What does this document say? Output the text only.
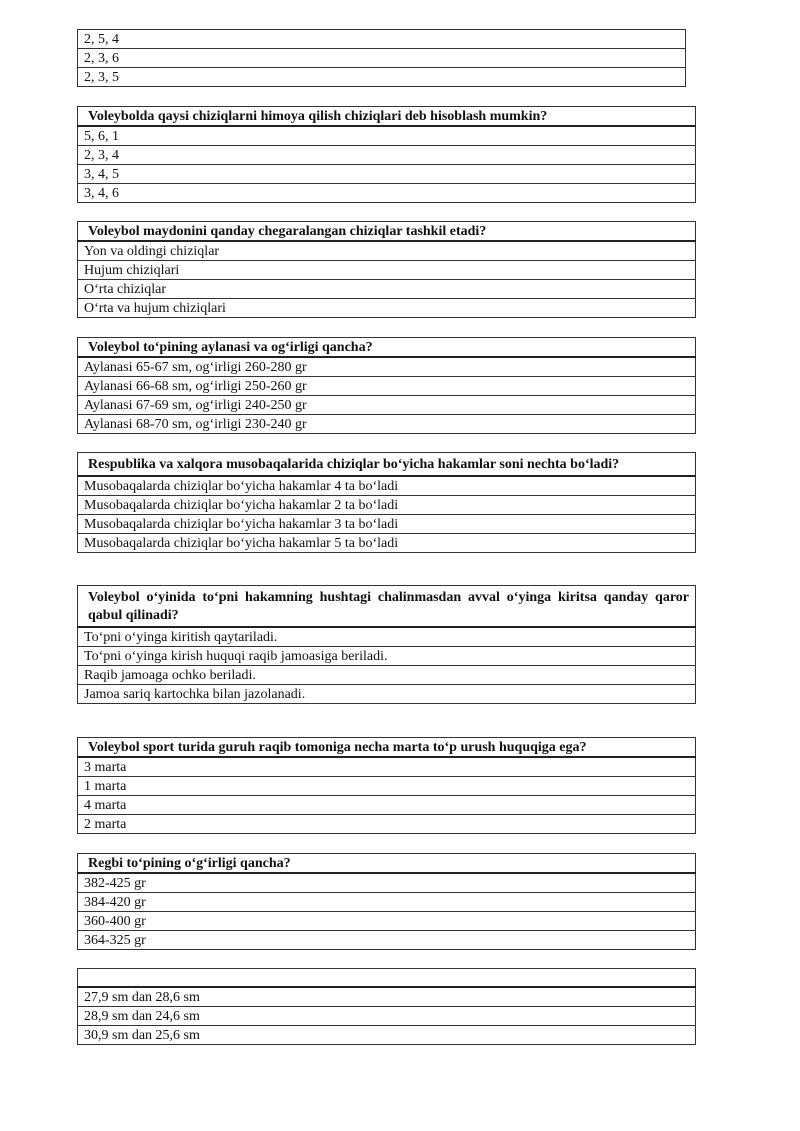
2, 5, 4
2, 3, 6
2, 3, 5
Voleybolda qaysi chiziqlarni himoya qilish chiziqlari deb hisoblash mumkin?
5, 6, 1
2, 3, 4
3, 4, 5
3, 4, 6
Voleybol maydonini qanday chegaralangan chiziqlar tashkil etadi?
Yon va oldingi chiziqlar
Hujum chiziqlari
O‘rta chiziqlar
O‘rta va hujum chiziqlari
Voleybol to‘pining aylanasi va og‘irligi qancha?
Aylanasi 65-67 sm, og‘irligi 260-280 gr
Aylanasi 66-68 sm, og‘irligi 250-260 gr
Aylanasi 67-69 sm, og‘irligi 240-250 gr
Aylanasi 68-70 sm, og‘irligi 230-240 gr
Respublika va xalqora musobaqalarida chiziqlar bo‘yicha hakamlar soni nechta bo‘ladi?
Musobaqalarda chiziqlar bo‘yicha hakamlar 4 ta bo‘ladi
Musobaqalarda chiziqlar bo‘yicha hakamlar 2 ta bo‘ladi
Musobaqalarda chiziqlar bo‘yicha hakamlar 3 ta bo‘ladi
Musobaqalarda chiziqlar bo‘yicha hakamlar 5 ta bo‘ladi
Voleybol o‘yinida to‘pni hakamning hushtagi chalinmasdan avval o‘yinga kiritsa qanday qaror qabul qilinadi?
To‘pni o‘yinga kiritish qaytariladi.
To‘pni o‘yinga kirish huquqi raqib jamoasiga beriladi.
Raqib jamoaga ochko beriladi.
Jamoa sariq kartochka bilan jazolanadi.
Voleybol sport turida guruh raqib tomoniga necha marta to‘p urush huquqiga ega?
3 marta
1 marta
4 marta
2 marta
Regbi to‘pining o‘g‘irligi qancha?
382-425 gr
384-420 gr
360-400 gr
364-325 gr

27,9 sm dan 28,6 sm
28,9 sm dan 24,6 sm
30,9 sm dan 25,6 sm
